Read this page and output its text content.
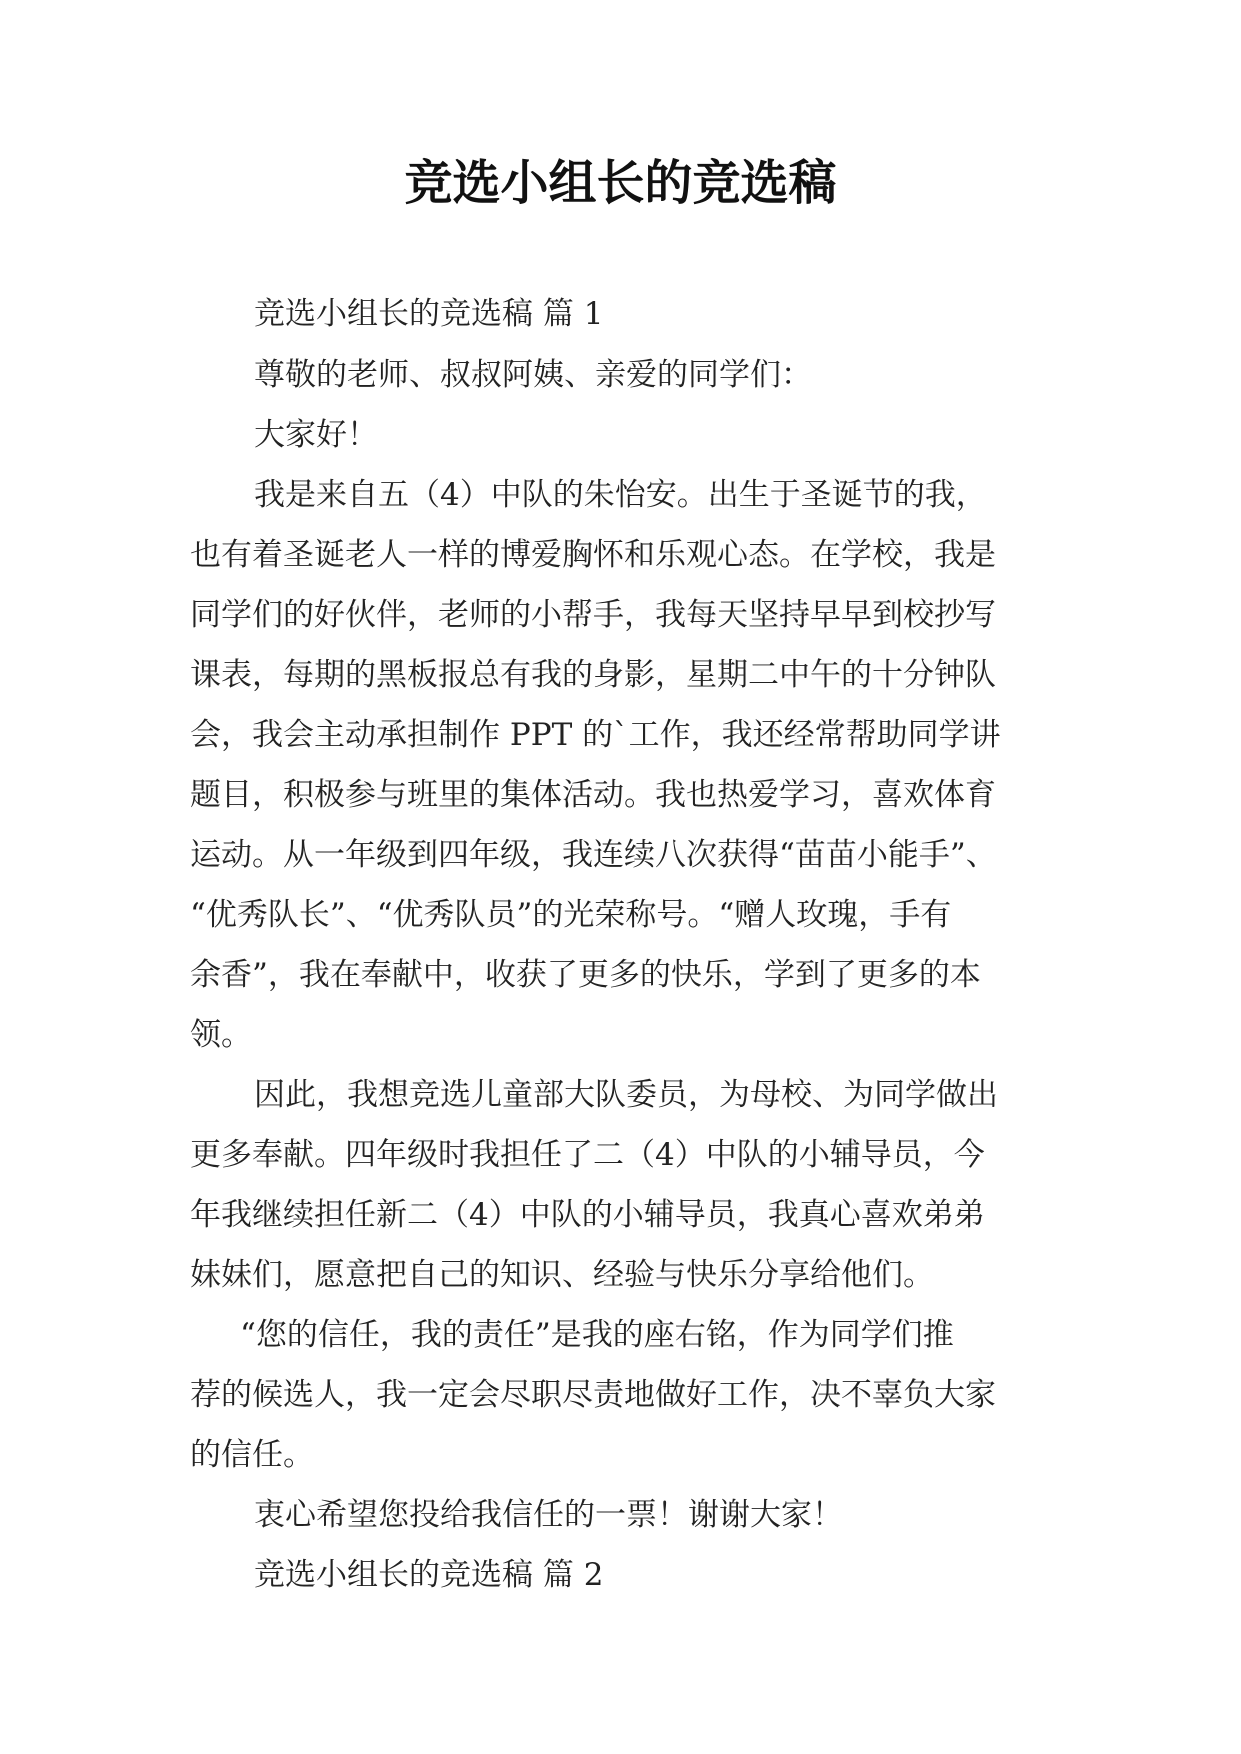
竞选小组长的竞选稿
竞选小组长的竞选稿 篇 1
尊敬的老师、叔叔阿姨、亲爱的同学们：
大家好！
我是来自五（4）中队的朱怡安。出生于圣诞节的我，
也有着圣诞老人一样的博爱胸怀和乐观心态。在学校，我是
同学们的好伙伴，老师的小帮手，我每天坚持早早到校抄写
课表，每期的黑板报总有我的身影，星期二中午的十分钟队
会，我会主动承担制作 PPT 的`工作，我还经常帮助同学讲
题目，积极参与班里的集体活动。我也热爱学习，喜欢体育
运动。从一年级到四年级，我连续八次获得“苗苗小能手”、
“优秀队长”、“优秀队员”的光荣称号。“赠人玫瑰，手有
余香”，我在奉献中，收获了更多的快乐，学到了更多的本
领。
因此，我想竞选儿童部大队委员，为母校、为同学做出
更多奉献。四年级时我担任了二（4）中队的小辅导员，今
年我继续担任新二（4）中队的小辅导员，我真心喜欢弟弟
妹妹们，愿意把自己的知识、经验与快乐分享给他们。
“您的信任，我的责任”是我的座右铭，作为同学们推
荐的候选人，我一定会尽职尽责地做好工作，决不辜负大家
的信任。
衷心希望您投给我信任的一票！谢谢大家！
竞选小组长的竞选稿 篇 2
